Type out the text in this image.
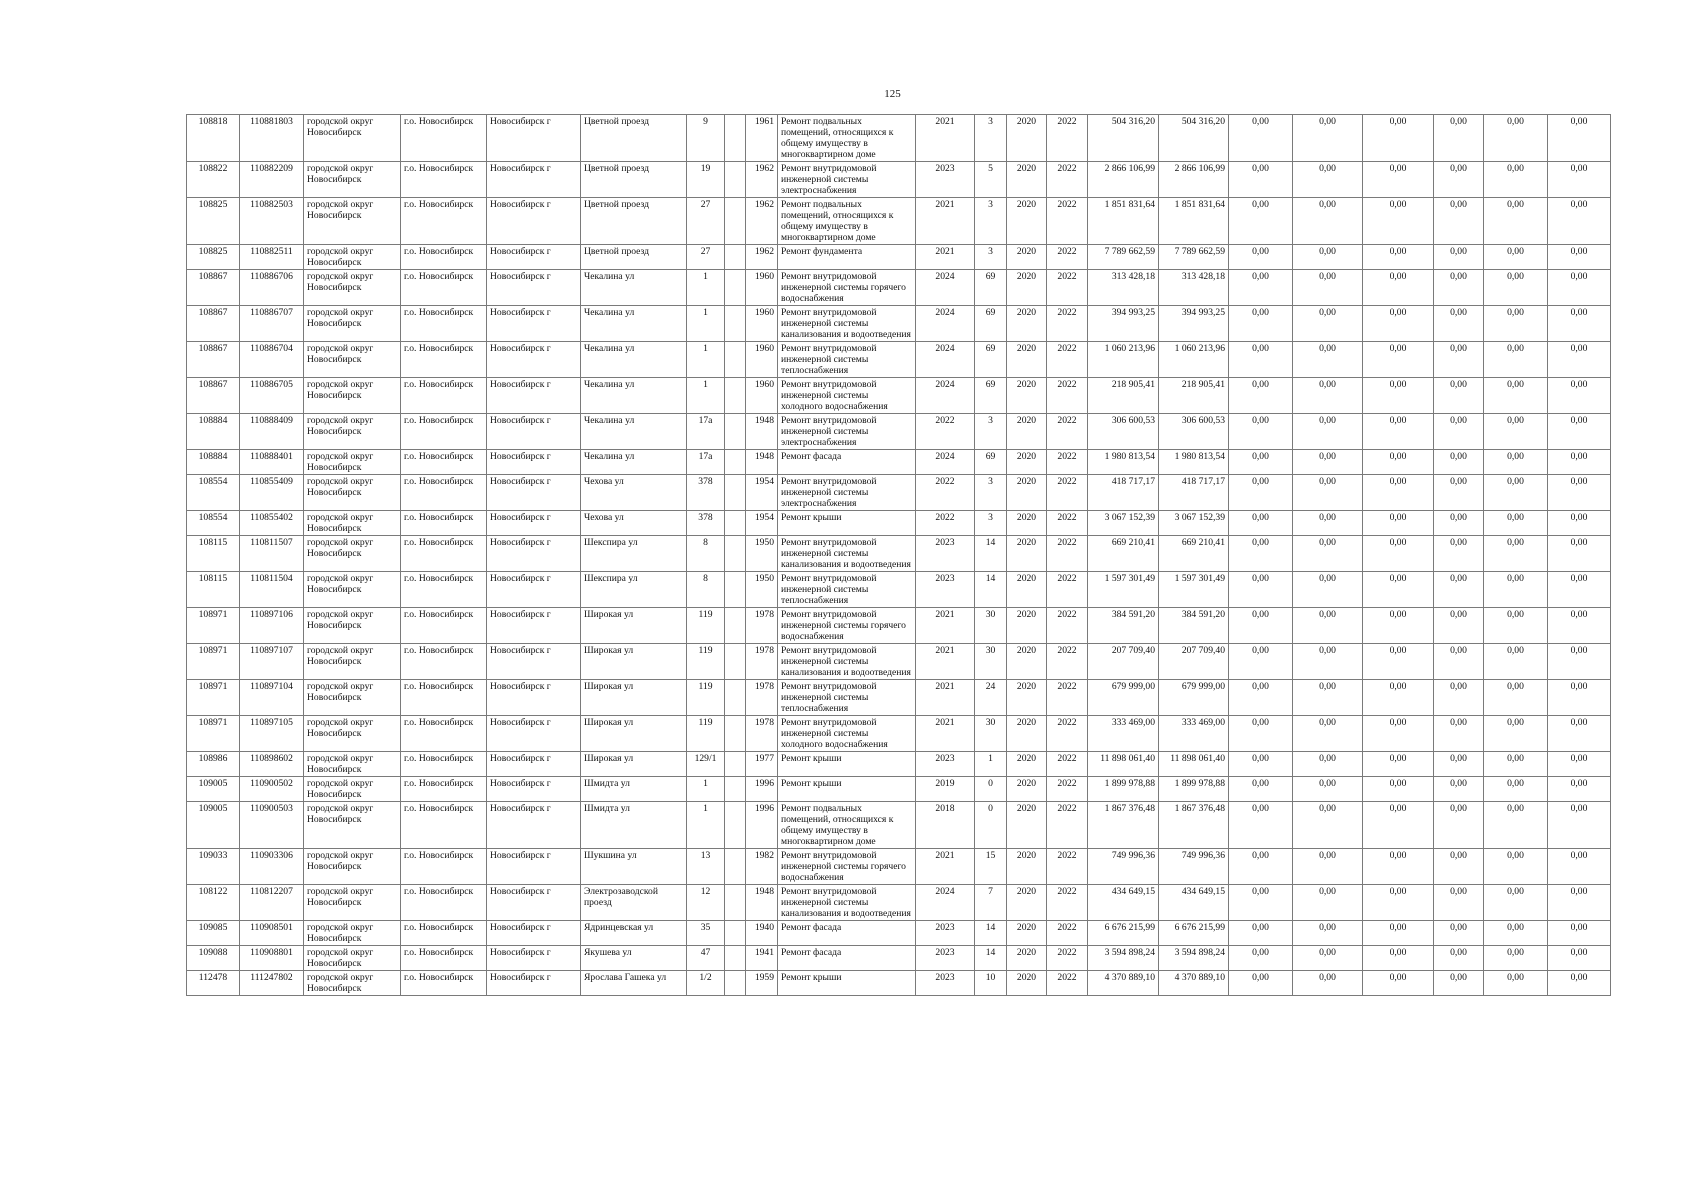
125
108818	110881803	городской округ Новосибирск	г.о. Новосибирск	Новосибирск г	Цветной проезд	9		1961	Ремонт подвальных помещений, относящихся к общему имуществу в многоквартирном доме	2021	3	2020	2022	504 316,20	504 316,20	0,00	0,00	0,00	0,00	0,00	0,00
108822	110882209	городской округ Новосибирск	г.о. Новосибирск	Новосибирск г	Цветной проезд	19		1962	Ремонт внутридомовой инженерной системы электроснабжения	2023	5	2020	2022	2 866 106,99	2 866 106,99	0,00	0,00	0,00	0,00	0,00	0,00
108825	110882503	городской округ Новосибирск	г.о. Новосибирск	Новосибирск г	Цветной проезд	27		1962	Ремонт подвальных помещений, относящихся к общему имуществу в многоквартирном доме	2021	3	2020	2022	1 851 831,64	1 851 831,64	0,00	0,00	0,00	0,00	0,00	0,00
108825	110882511	городской округ Новосибирск	г.о. Новосибирск	Новосибирск г	Цветной проезд	27		1962	Ремонт фундамента	2021	3	2020	2022	7 789 662,59	7 789 662,59	0,00	0,00	0,00	0,00	0,00	0,00
108867	110886706	городской округ Новосибирск	г.о. Новосибирск	Новосибирск г	Чекалина ул	1		1960	Ремонт внутридомовой инженерной системы горячего водоснабжения	2024	69	2020	2022	313 428,18	313 428,18	0,00	0,00	0,00	0,00	0,00	0,00
108867	110886707	городской округ Новосибирск	г.о. Новосибирск	Новосибирск г	Чекалина ул	1		1960	Ремонт внутридомовой инженерной системы канализования и водоотведения	2024	69	2020	2022	394 993,25	394 993,25	0,00	0,00	0,00	0,00	0,00	0,00
108867	110886704	городской округ Новосибирск	г.о. Новосибирск	Новосибирск г	Чекалина ул	1		1960	Ремонт внутридомовой инженерной системы теплоснабжения	2024	69	2020	2022	1 060 213,96	1 060 213,96	0,00	0,00	0,00	0,00	0,00	0,00
108867	110886705	городской округ Новосибирск	г.о. Новосибирск	Новосибирск г	Чекалина ул	1		1960	Ремонт внутридомовой инженерной системы холодного водоснабжения	2024	69	2020	2022	218 905,41	218 905,41	0,00	0,00	0,00	0,00	0,00	0,00
108884	110888409	городской округ Новосибирск	г.о. Новосибирск	Новосибирск г	Чекалина ул	17а		1948	Ремонт внутридомовой инженерной системы электроснабжения	2022	3	2020	2022	306 600,53	306 600,53	0,00	0,00	0,00	0,00	0,00	0,00
108884	110888401	городской округ Новосибирск	г.о. Новосибирск	Новосибирск г	Чекалина ул	17а		1948	Ремонт фасада	2024	69	2020	2022	1 980 813,54	1 980 813,54	0,00	0,00	0,00	0,00	0,00	0,00
108554	110855409	городской округ Новосибирск	г.о. Новосибирск	Новосибирск г	Чехова ул	378		1954	Ремонт внутридомовой инженерной системы электроснабжения	2022	3	2020	2022	418 717,17	418 717,17	0,00	0,00	0,00	0,00	0,00	0,00
108554	110855402	городской округ Новосибирск	г.о. Новосибирск	Новосибирск г	Чехова ул	378		1954	Ремонт крыши	2022	3	2020	2022	3 067 152,39	3 067 152,39	0,00	0,00	0,00	0,00	0,00	0,00
108115	110811507	городской округ Новосибирск	г.о. Новосибирск	Новосибирск г	Шекспира ул	8		1950	Ремонт внутридомовой инженерной системы канализования и водоотведения	2023	14	2020	2022	669 210,41	669 210,41	0,00	0,00	0,00	0,00	0,00	0,00
108115	110811504	городской округ Новосибирск	г.о. Новосибирск	Новосибирск г	Шекспира ул	8		1950	Ремонт внутридомовой инженерной системы теплоснабжения	2023	14	2020	2022	1 597 301,49	1 597 301,49	0,00	0,00	0,00	0,00	0,00	0,00
108971	110897106	городской округ Новосибирск	г.о. Новосибирск	Новосибирск г	Широкая ул	119		1978	Ремонт внутридомовой инженерной системы горячего водоснабжения	2021	30	2020	2022	384 591,20	384 591,20	0,00	0,00	0,00	0,00	0,00	0,00
108971	110897107	городской округ Новосибирск	г.о. Новосибирск	Новосибирск г	Широкая ул	119		1978	Ремонт внутридомовой инженерной системы канализования и водоотведения	2021	30	2020	2022	207 709,40	207 709,40	0,00	0,00	0,00	0,00	0,00	0,00
108971	110897104	городской округ Новосибирск	г.о. Новосибирск	Новосибирск г	Широкая ул	119		1978	Ремонт внутридомовой инженерной системы теплоснабжения	2021	24	2020	2022	679 999,00	679 999,00	0,00	0,00	0,00	0,00	0,00	0,00
108971	110897105	городской округ Новосибирск	г.о. Новосибирск	Новосибирск г	Широкая ул	119		1978	Ремонт внутридомовой инженерной системы холодного водоснабжения	2021	30	2020	2022	333 469,00	333 469,00	0,00	0,00	0,00	0,00	0,00	0,00
108986	110898602	городской округ Новосибирск	г.о. Новосибирск	Новосибирск г	Широкая ул	129/1		1977	Ремонт крыши	2023	1	2020	2022	11 898 061,40	11 898 061,40	0,00	0,00	0,00	0,00	0,00	0,00
109005	110900502	городской округ Новосибирск	г.о. Новосибирск	Новосибирск г	Шмидта ул	1		1996	Ремонт крыши	2019	0	2020	2022	1 899 978,88	1 899 978,88	0,00	0,00	0,00	0,00	0,00	0,00
109005	110900503	городской округ Новосибирск	г.о. Новосибирск	Новосибирск г	Шмидта ул	1		1996	Ремонт подвальных помещений, относящихся к общему имуществу в многоквартирном доме	2018	0	2020	2022	1 867 376,48	1 867 376,48	0,00	0,00	0,00	0,00	0,00	0,00
109033	110903306	городской округ Новосибирск	г.о. Новосибирск	Новосибирск г	Шукшина ул	13		1982	Ремонт внутридомовой инженерной системы горячего водоснабжения	2021	15	2020	2022	749 996,36	749 996,36	0,00	0,00	0,00	0,00	0,00	0,00
108122	110812207	городской округ Новосибирск	г.о. Новосибирск	Новосибирск г	Электрозаводской проезд	12		1948	Ремонт внутридомовой инженерной системы канализования и водоотведения	2024	7	2020	2022	434 649,15	434 649,15	0,00	0,00	0,00	0,00	0,00	0,00
109085	110908501	городской округ Новосибирск	г.о. Новосибирск	Новосибирск г	Ядринцевская ул	35		1940	Ремонт фасада	2023	14	2020	2022	6 676 215,99	6 676 215,99	0,00	0,00	0,00	0,00	0,00	0,00
109088	110908801	городской округ Новосибирск	г.о. Новосибирск	Новосибирск г	Якушева ул	47		1941	Ремонт фасада	2023	14	2020	2022	3 594 898,24	3 594 898,24	0,00	0,00	0,00	0,00	0,00	0,00
112478	111247802	городской округ Новосибирск	г.о. Новосибирск	Новосибирск г	Ярослава Гашека ул	1/2		1959	Ремонт крыши	2023	10	2020	2022	4 370 889,10	4 370 889,10	0,00	0,00	0,00	0,00	0,00	0,00
